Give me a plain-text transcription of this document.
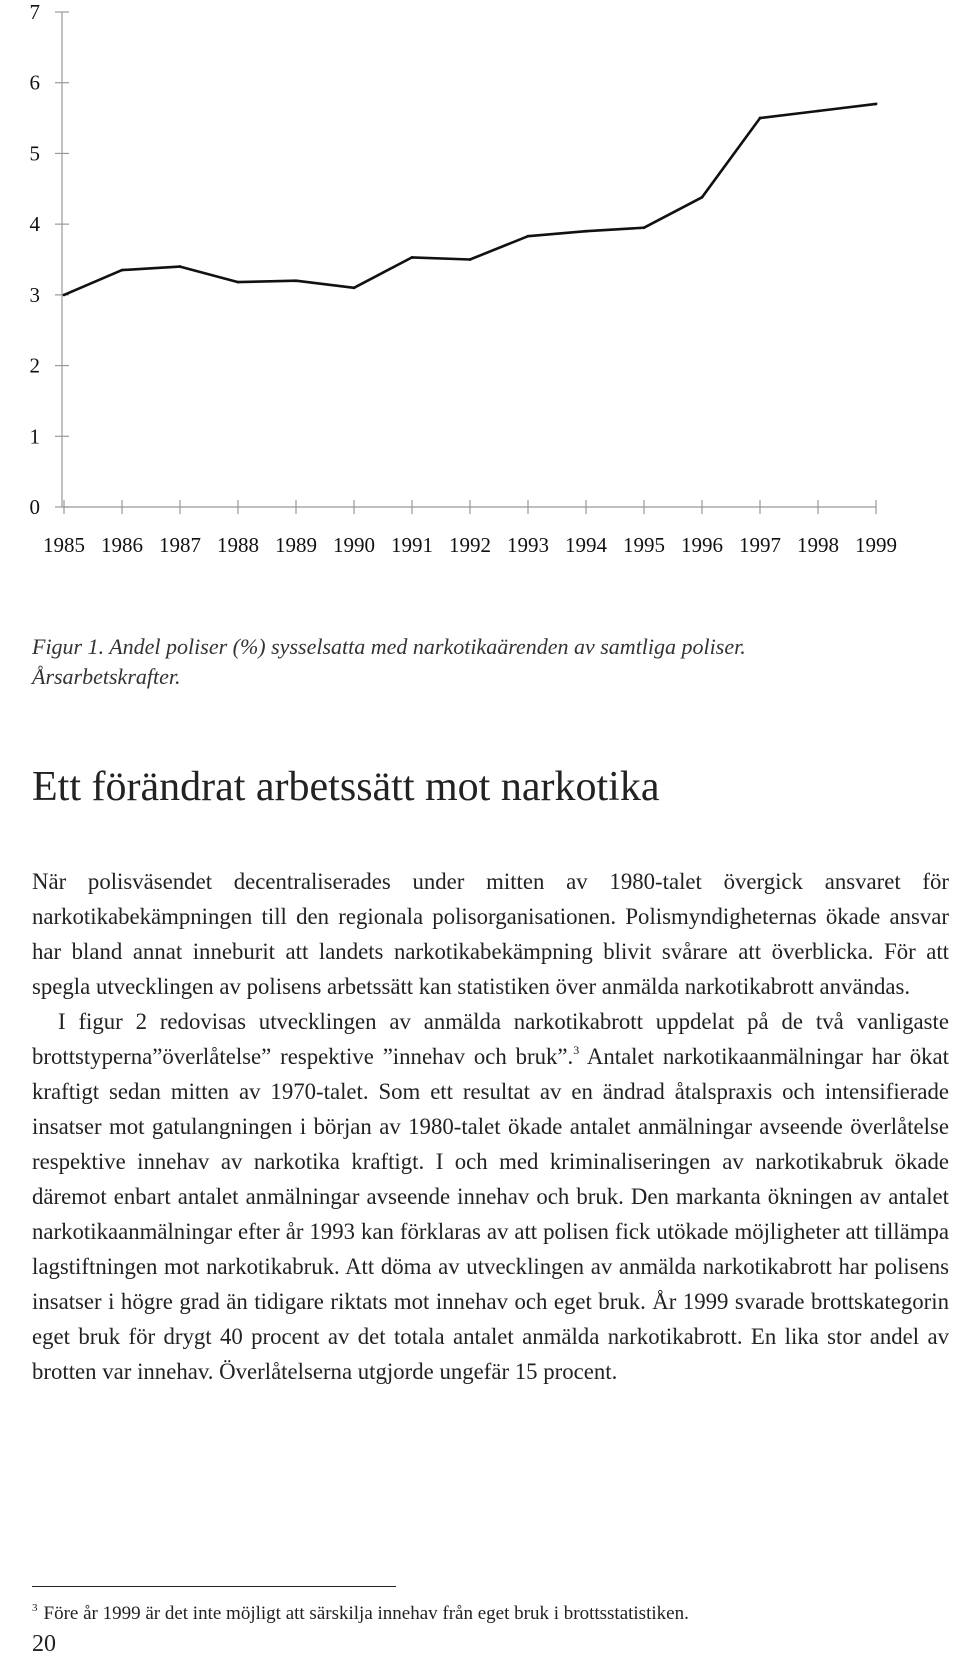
0
1
2
3
4
5
6
7
1985 1986 1987 1988 1989 1990 1991 1992 1993 1994 1995 1996 1997 1998 1999
Figur 1. Andel poliser (%) sysselsatta med narkotikaärenden av samtliga poliser.
Årsarbetskrafter.
Ett förändrat arbetssätt mot narkotika

När polisväsendet decentraliserades under mitten av 1980-talet övergick ansvaret för narkotikabekämpningen till den regionala polisorganisationen. Polismyndigheternas ökade ansvar har bland annat inneburit att landets narkotikabekämpning blivit svårare att överblicka. För att spegla utvecklingen av polisens arbetssätt kan statistiken över anmälda narkotikabrott användas.

I figur 2 redovisas utvecklingen av anmälda narkotikabrott uppdelat på de två vanligaste brottstyperna”överlåtelse” respektive ”innehav och bruk”.$^3$ Antalet narkotikaanmälningar har ökat kraftigt sedan mitten av 1970-talet. Som ett resultat av en ändrad åtalspraxis och intensifierade insatser mot gatulangningen i början av 1980-talet ökade antalet anmälningar avseende överlåtelse respektive innehav av narkotika kraftigt. I och med kriminaliseringen av narkotikabruk ökade däremot enbart antalet anmälningar avseende innehav och bruk. Den markanta ökningen av antalet narkotikaanmälningar efter år 1993 kan förklaras av att polisen fick utökade möjligheter att tillämpa lagstiftningen mot narkotikabruk. Att döma av utvecklingen av anmälda narkotikabrott har polisens insatser i högre grad än tidigare riktats mot innehav och eget bruk. År 1999 svarade brottskategorin eget bruk för drygt 40 procent av det totala antalet anmälda narkotikabrott. En lika stor andel av brotten var innehav. Överlåtelserna utgjorde ungefär 15 procent.

$^3$ Före år 1999 är det inte möjligt att särskilja innehav från eget bruk i brottsstatistiken.
20
